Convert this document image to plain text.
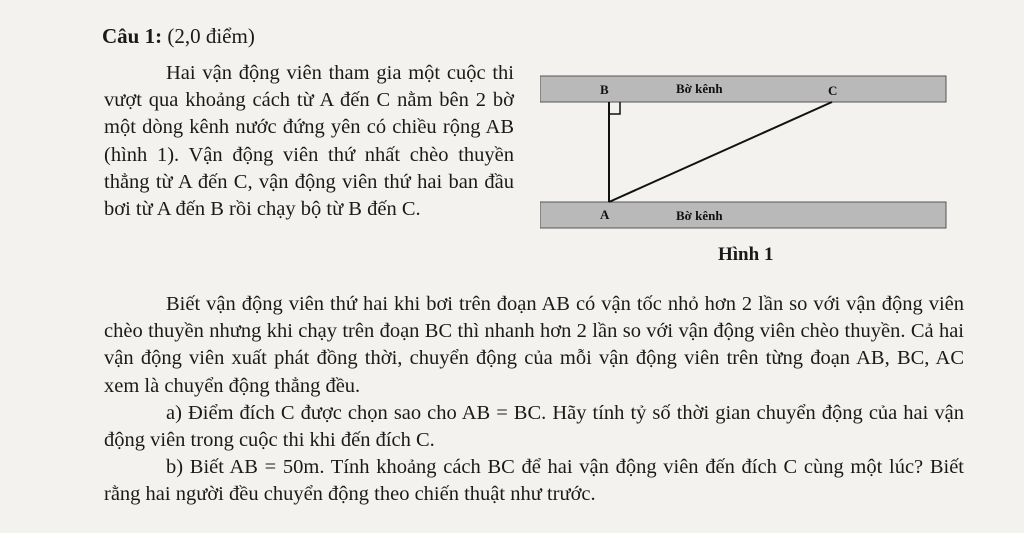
Câu 1: (2,0 điểm)

Hai vận động viên tham gia một cuộc thi vượt qua khoảng cách từ A đến C nằm bên 2 bờ một dòng kênh nước đứng yên có chiều rộng AB (hình 1). Vận động viên thứ nhất chèo thuyền thẳng từ A đến C, vận động viên thứ hai ban đầu bơi từ A đến B rồi chạy bộ từ B đến C.

B	C
A
Bờ kênh
Bờ kênh
Hình 1

Biết vận động viên thứ hai khi bơi trên đoạn AB có vận tốc nhỏ hơn 2 lần so với vận động viên chèo thuyền nhưng khi chạy trên đoạn BC thì nhanh hơn 2 lần so với vận động viên chèo thuyền. Cả hai vận động viên xuất phát đồng thời, chuyển động của mỗi vận động viên trên từng đoạn AB, BC, AC xem là chuyển động thẳng đều.

a) Điểm đích C được chọn sao cho AB = BC. Hãy tính tỷ số thời gian chuyển động của hai vận động viên trong cuộc thi khi đến đích C.

b) Biết AB = 50m. Tính khoảng cách BC để hai vận động viên đến đích C cùng một lúc? Biết rằng hai người đều chuyển động theo chiến thuật như trước.
